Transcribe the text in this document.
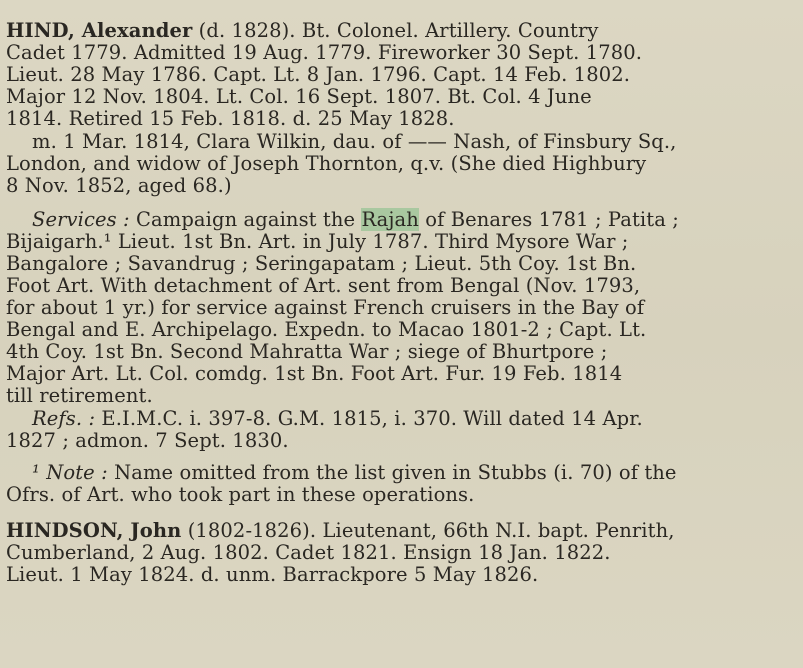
HIND, Alexander (d. 1828). Bt. Colonel. Artillery. Country
Cadet 1779. Admitted 19 Aug. 1779. Fireworker 30 Sept. 1780.
Lieut. 28 May 1786. Capt. Lt. 8 Jan. 1796. Capt. 14 Feb. 1802.
Major 12 Nov. 1804. Lt. Col. 16 Sept. 1807. Bt. Col. 4 June
1814. Retired 15 Feb. 1818. d. 25 May 1828.
m. 1 Mar. 1814, Clara Wilkin, dau. of —— Nash, of Finsbury Sq.,
London, and widow of Joseph Thornton, q.v. (She died Highbury
8 Nov. 1852, aged 68.)
Services : Campaign against the Rajah of Benares 1781 ; Patita ;
Bijaigarh.¹ Lieut. 1st Bn. Art. in July 1787. Third Mysore War ;
Bangalore ; Savandrug ; Seringapatam ; Lieut. 5th Coy. 1st Bn.
Foot Art. With detachment of Art. sent from Bengal (Nov. 1793,
for about 1 yr.) for service against French cruisers in the Bay of
Bengal and E. Archipelago. Expedn. to Macao 1801-2 ; Capt. Lt.
4th Coy. 1st Bn. Second Mahratta War ; siege of Bhurtpore ;
Major Art. Lt. Col. comdg. 1st Bn. Foot Art. Fur. 19 Feb. 1814
till retirement.
Refs. : E.I.M.C. i. 397-8. G.M. 1815, i. 370. Will dated 14 Apr.
1827 ; admon. 7 Sept. 1830.
¹ Note : Name omitted from the list given in Stubbs (i. 70) of the
Ofrs. of Art. who took part in these operations.
HINDSON, John (1802-1826). Lieutenant, 66th N.I. bapt. Penrith,
Cumberland, 2 Aug. 1802. Cadet 1821. Ensign 18 Jan. 1822.
Lieut. 1 May 1824. d. unm. Barrackpore 5 May 1826.
